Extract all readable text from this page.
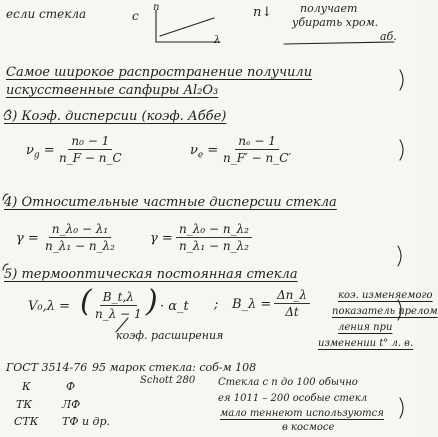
если стекла	с
n
λ
n↓	получает
убирать хром.
аб.
Самое широкое распространение получили
искусственные сапфиры Al₂O₃
3) Коэф. дисперсии (коэф. Аббе)
$\nu_g = \frac{\text{n₀ − 1}}{n\_F - n\_C}$	$\nu_e = \frac{\text{nₑ − 1}}{n\_F' - n\_C'}$
4) Относительные частные дисперсии стекла
$\gamma = \frac{\text{n\_λ₀ − λ₁}}{\text{n\_λ₁ − n\_λ₂}}$ $\gamma = \frac{\text{n\_λ₀ − n\_λ₂}}{\text{n\_λ₁ − n\_λ₂}}$
5) термооптическая постоянная стекла
V₀,λ = ( $\frac{B\_t,\lambda}{n\_\lambda - 1}$ ) · α_t ; B_λ = $\frac{\Delta n\_\lambda}{\Delta t}$
коэф. расширения
коэ. изменяемого
показатель прелом
ления при
изменении t° л. в.
ГОСТ 3514-76 95 марок стекла: соб-м 108
Schott 280
К	Ф
ТК	ЛФ
СТК ТФ и др.
Стекла с n до 100 обычно
ея 1011 – 200 особые стекл
мало теннеют используются
в космосе
